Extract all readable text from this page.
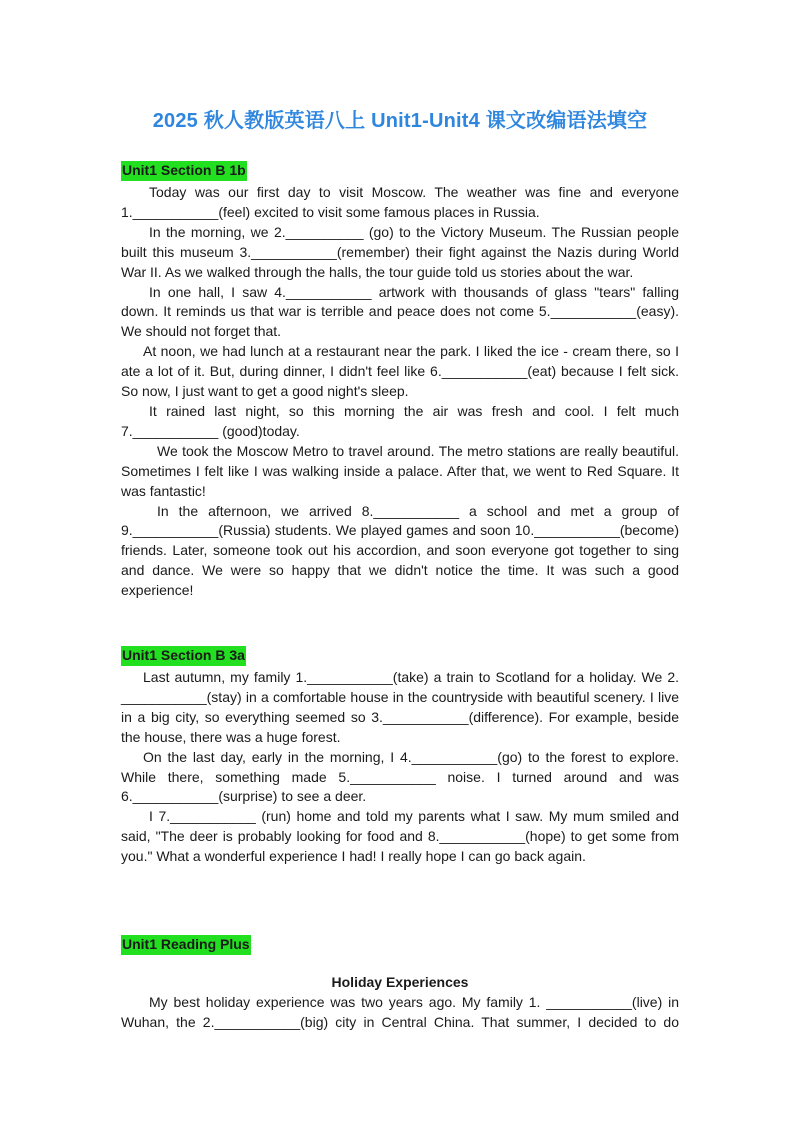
2025 秋人教版英语八上 Unit1-Unit4 课文改编语法填空
Unit1 Section B 1b

Today was our first day to visit Moscow. The weather was fine and everyone 1.___________(feel) excited to visit some famous places in Russia.

In the morning, we 2.__________ (go) to the Victory Museum. The Russian people built this museum 3.___________(remember) their fight against the Nazis during World War II. As we walked through the halls, the tour guide told us stories about the war.

In one hall, I saw 4.___________ artwork with thousands of glass "tears" falling down. It reminds us that war is terrible and peace does not come 5.___________(easy). We should not forget that.

At noon, we had lunch at a restaurant near the park. I liked the ice - cream there, so I ate a lot of it. But, during dinner, I didn't feel like 6.___________(eat) because I felt sick. So now, I just want to get a good night's sleep.

It rained last night, so this morning the air was fresh and cool. I felt much 7.___________ (good)today.

We took the Moscow Metro to travel around. The metro stations are really beautiful. Sometimes I felt like I was walking inside a palace. After that, we went to Red Square. It was fantastic!

In the afternoon, we arrived 8.___________ a school and met a group of 9.___________(Russia) students. We played games and soon 10.___________(become) friends. Later, someone took out his accordion, and soon everyone got together to sing and dance. We were so happy that we didn't notice the time. It was such a good experience!

Unit1 Section B 3a

Last autumn, my family 1.___________(take) a train to Scotland for a holiday. We 2. ___________(stay) in a comfortable house in the countryside with beautiful scenery. I live in a big city, so everything seemed so 3.___________(difference). For example, beside the house, there was a huge forest.

On the last day, early in the morning, I 4.___________(go) to the forest to explore. While there, something made 5.___________ noise. I turned around and was 6.___________(surprise) to see a deer.

I 7.___________ (run) home and told my parents what I saw. My mum smiled and said, "The deer is probably looking for food and 8.___________(hope) to get some from you." What a wonderful experience I had! I really hope I can go back again.

Unit1 Reading Plus
Holiday Experiences

My best holiday experience was two years ago. My family 1. ___________(live) in Wuhan, the 2.___________(big) city in Central China. That summer, I decided to do
